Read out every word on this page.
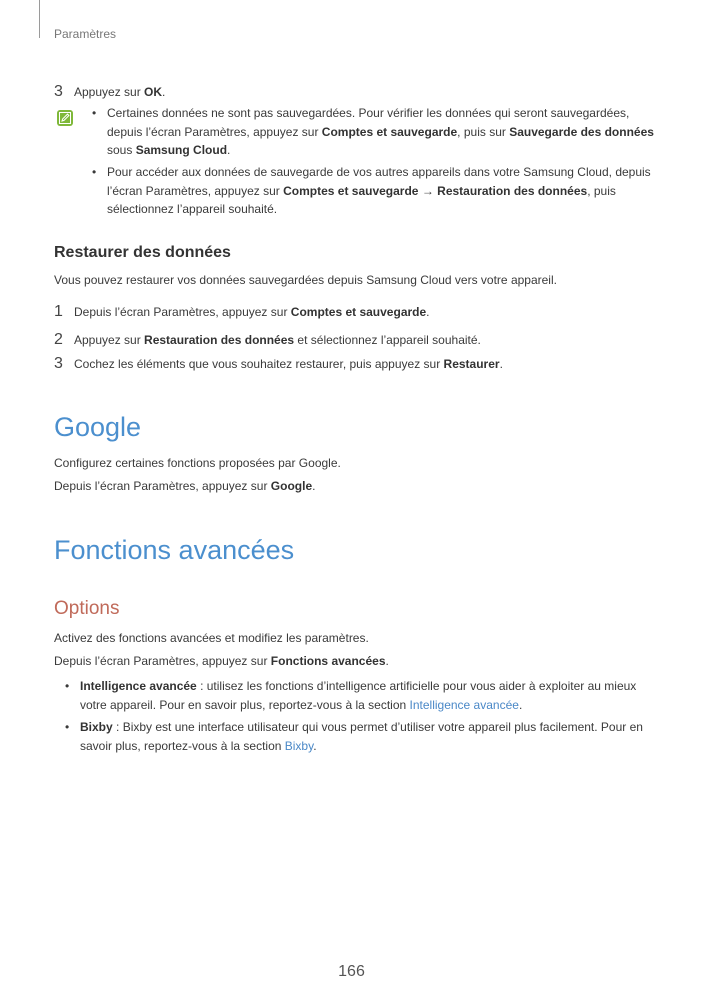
Paramètres
3 Appuyez sur OK.
• Certaines données ne sont pas sauvegardées. Pour vérifier les données qui seront sauvegardées, depuis l’écran Paramètres, appuyez sur Comptes et sauvegarde, puis sur Sauvegarde des données sous Samsung Cloud.

• Pour accéder aux données de sauvegarde de vos autres appareils dans votre Samsung Cloud, depuis l’écran Paramètres, appuyez sur Comptes et sauvegarde → Restauration des données, puis sélectionnez l’appareil souhaité.

Restaurer des données
Vous pouvez restaurer vos données sauvegardées depuis Samsung Cloud vers votre appareil.
1 Depuis l’écran Paramètres, appuyez sur Comptes et sauvegarde.
2 Appuyez sur Restauration des données et sélectionnez l’appareil souhaité.
3 Cochez les éléments que vous souhaitez restaurer, puis appuyez sur Restaurer.
Google
Configurez certaines fonctions proposées par Google.
Depuis l’écran Paramètres, appuyez sur Google.
Fonctions avancées
Options
Activez des fonctions avancées et modifiez les paramètres.
Depuis l’écran Paramètres, appuyez sur Fonctions avancées.
• Intelligence avancée : utilisez les fonctions d’intelligence artificielle pour vous aider à exploiter au mieux votre appareil. Pour en savoir plus, reportez-vous à la section Intelligence avancée.

• Bixby : Bixby est une interface utilisateur qui vous permet d’utiliser votre appareil plus facilement. Pour en savoir plus, reportez-vous à la section Bixby.

166
